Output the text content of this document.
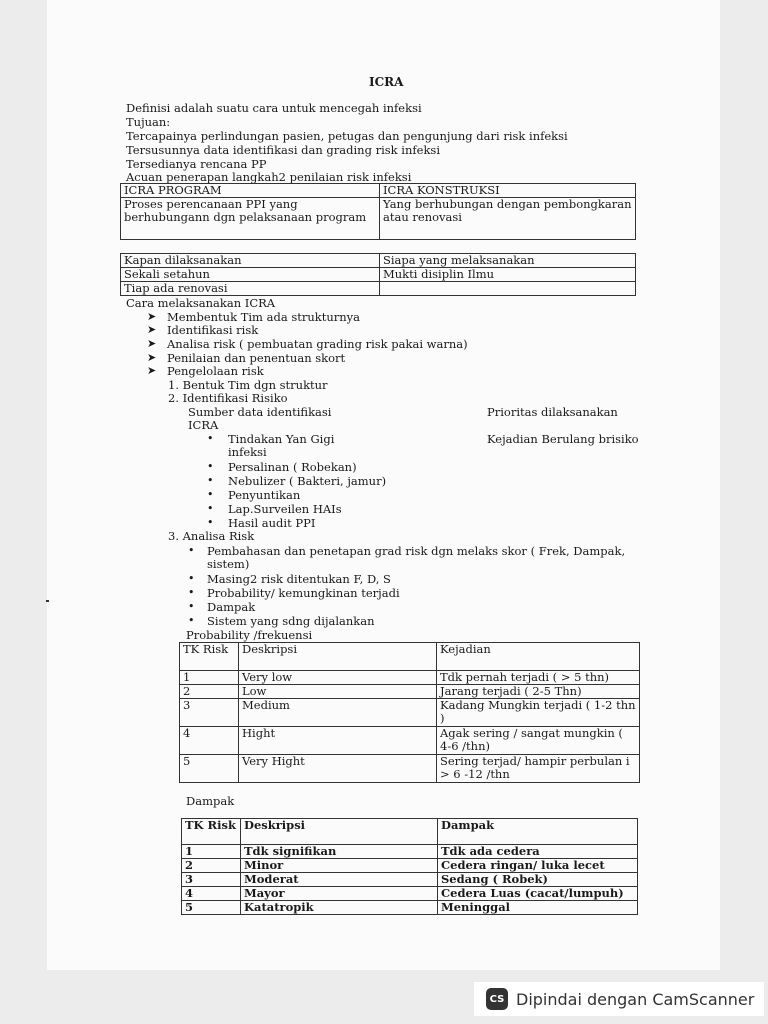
ICRA
Definisi adalah suatu cara untuk mencegah infeksi
Tujuan:
Tercapainya perlindungan pasien, petugas dan pengunjung dari risk infeksi
Tersusunnya data identifikasi dan grading risk infeksi
Tersedianya rencana PP
Acuan penerapan langkah2 penilaian risk infeksi
ICRA PROGRAM	ICRA KONSTRUKSI
Proses perencanaan PPI yang berhubungann dgn pelaksanaan program	Yang berhubungan dengan pembongkaran atau renovasi
Kapan dilaksanakan	Siapa yang melaksanakan
Sekali setahun	Mukti disiplin Ilmu
Tiap ada renovasi	
Cara melaksanakan ICRA
➤ Membentuk Tim ada strukturnya
➤ Identifikasi risk
➤ Analisa risk ( pembuatan grading risk pakai warna)
➤ Penilaian dan penentuan skort
➤ Pengelolaan risk
1. Bentuk Tim dgn struktur
2. Identifikasi Risiko
Sumber data identifikasi
ICRA
Prioritas dilaksanakan
Kejadian Berulang brisiko
• Tindakan Yan Gigi
infeksi
• Persalinan ( Robekan)
• Nebulizer ( Bakteri, jamur)
• Penyuntikan
• Lap.Surveilen HAIs
• Hasil audit PPI
3. Analisa Risk
• Pembahasan dan penetapan grad risk dgn melaks skor ( Frek, Dampak,
sistem)
• Masing2 risk ditentukan F, D, S
• Probability/ kemungkinan terjadi
• Dampak
• Sistem yang sdng dijalankan
Probability /frekuensi
TK Risk	Deskripsi	Kejadian
1	Very low	Tdk pernah terjadi ( > 5 thn)
2	Low	Jarang terjadi ( 2-5 Thn)
3	Medium	Kadang Mungkin terjadi ( 1-2 thn )
4	Hight	Agak sering / sangat mungkin ( 4-6 /thn)
5	Very Hight	Sering terjad/ hampir perbulan i > 6 -12 /thn
Dampak
TK Risk	Deskripsi	Dampak
1	Tdk signifikan	Tdk ada cedera
2	Minor	Cedera ringan/ luka lecet
3	Moderat	Sedang ( Robek)
4	Mayor	Cedera Luas (cacat/lumpuh)
5	Katatropik	Meninggal
CS Dipindai dengan CamScanner
